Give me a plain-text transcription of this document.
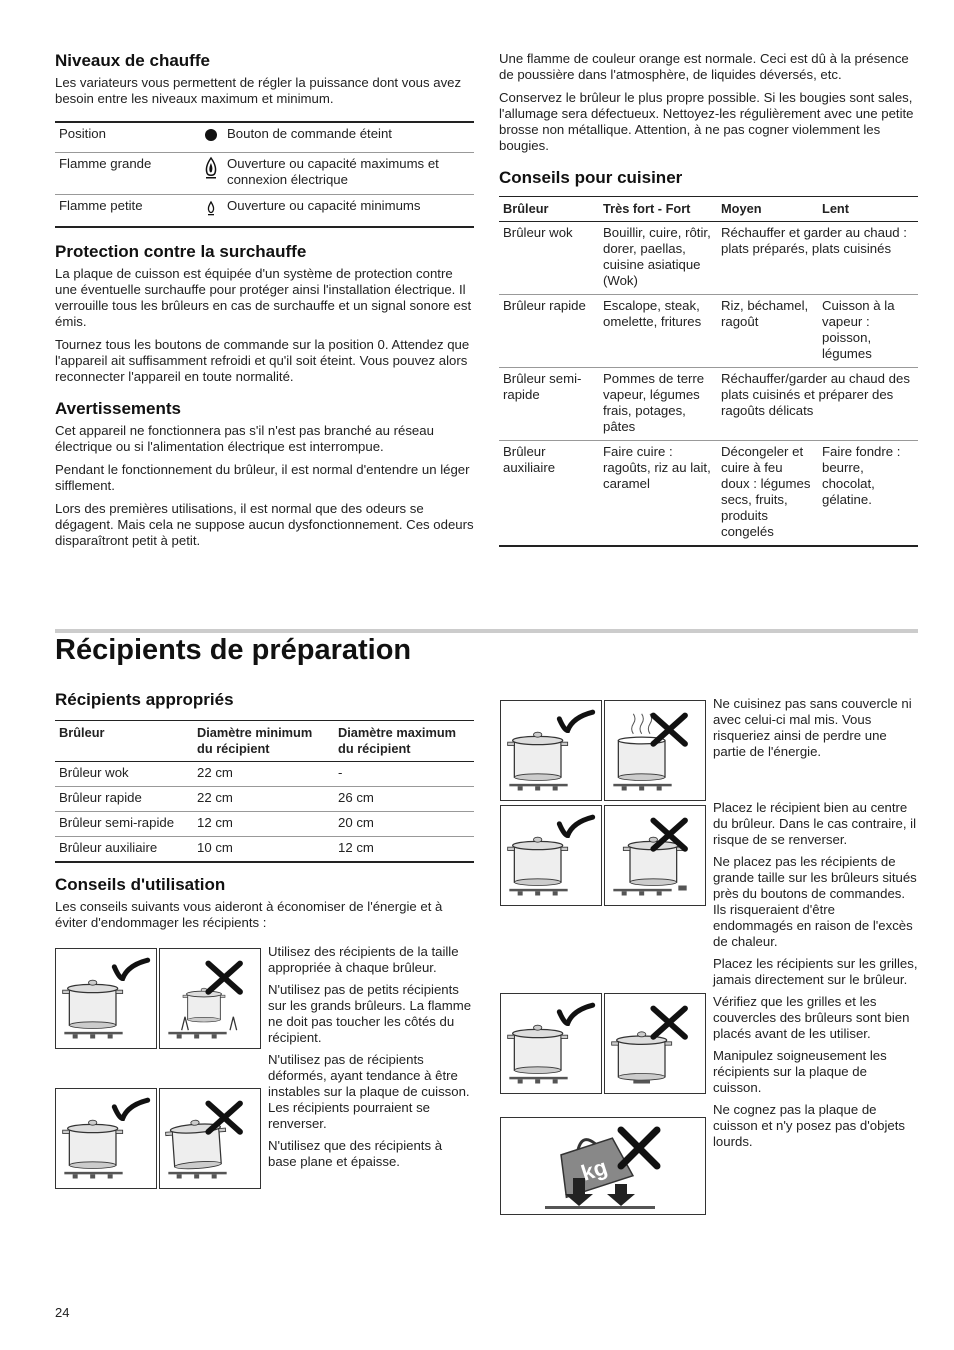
Niveaux de chauffe

Les variateurs vous permettent de régler la puissance dont vous avez besoin entre les niveaux maximum et minimum.

Position		Bouton de commande éteint
Flamme grande		Ouverture ou capacité maximums et connexion électrique
Flamme petite		Ouverture ou capacité minimums
Protection contre la surchauffe

La plaque de cuisson est équipée d'un système de protection contre une éventuelle surchauffe pour protéger ainsi l'installation électrique. Il verrouille tous les brûleurs en cas de surchauffe et un signal sonore est émis.

Tournez tous les boutons de commande sur la position 0. Attendez que l'appareil ait suffisamment refroidi et qu'il soit éteint. Vous pouvez alors reconnecter l'appareil en toute normalité.

Avertissements

Cet appareil ne fonctionnera pas s'il n'est pas branché au réseau électrique ou si l'alimentation électrique est interrompue.

Pendant le fonctionnement du brûleur, il est normal d'entendre un léger sifflement.

Lors des premières utilisations, il est normal que des odeurs se dégagent. Mais cela ne suppose aucun dysfonctionnement. Ces odeurs disparaîtront petit à petit.

Une flamme de couleur orange est normale. Ceci est dû à la présence de poussière dans l'atmosphère, de liquides déversés, etc.

Conservez le brûleur le plus propre possible. Si les bougies sont sales, l'allumage sera défectueux. Nettoyez-les régulièrement avec une petite brosse non métallique. Attention, à ne pas cogner violemment les bougies.

Conseils pour cuisiner
Brûleur	Très fort - Fort	Moyen	Lent
Brûleur wok	Bouillir, cuire, rôtir, dorer, paellas, cuisine asiatique (Wok)	Réchauffer et garder au chaud : plats préparés, plats cuisinés	
Brûleur rapide	Escalope, steak, omelette, fritures	Riz, béchamel, ragoût	Cuisson à la vapeur : poisson, légumes
Brûleur semi-rapide	Pommes de terre vapeur, légumes frais, potages, pâtes	Réchauffer/garder au chaud des plats cuisinés et préparer des ragoûts délicats	
Brûleur auxiliaire	Faire cuire : ragoûts, riz au lait, caramel	Décongeler et cuire à feu doux : légumes secs, fruits, produits congelés	Faire fondre : beurre, chocolat, gélatine.
Récipients de préparation
Récipients appropriés
Brûleur	Diamètre minimum du récipient	Diamètre maximum du récipient
Brûleur wok	22 cm	-
Brûleur rapide	22 cm	26 cm
Brûleur semi-rapide	12 cm	20 cm
Brûleur auxiliaire	10 cm	12 cm
Conseils d'utilisation

Les conseils suivants vous aideront à économiser de l'énergie et à éviter d'endommager les récipients :

Utilisez des récipients de la taille appropriée à chaque brûleur.

N'utilisez pas de petits récipients sur les grands brûleurs. La flamme ne doit pas toucher les côtés du récipient.

N'utilisez pas de récipients déformés, ayant tendance à être instables sur la plaque de cuisson. Les récipients pourraient se renverser.

N'utilisez que des récipients à base plane et épaisse.	kg

Ne cuisinez pas sans couvercle ni avec celui-ci mal mis. Vous risqueriez ainsi de perdre une partie de l'énergie.

Placez le récipient bien au centre du brûleur. Dans le cas contraire, il risque de se renverser.

Ne placez pas les récipients de grande taille sur les brûleurs situés près du boutons de commandes. Ils risqueraient d'être endommagés en raison de l'excès de chaleur.

Placez les récipients sur les grilles, jamais directement sur le brûleur.

Vérifiez que les grilles et les couvercles des brûleurs sont bien placés avant de les utiliser.

Manipulez soigneusement les récipients sur la plaque de cuisson.

Ne cognez pas la plaque de cuisson et n'y posez pas d'objets lourds.

24
